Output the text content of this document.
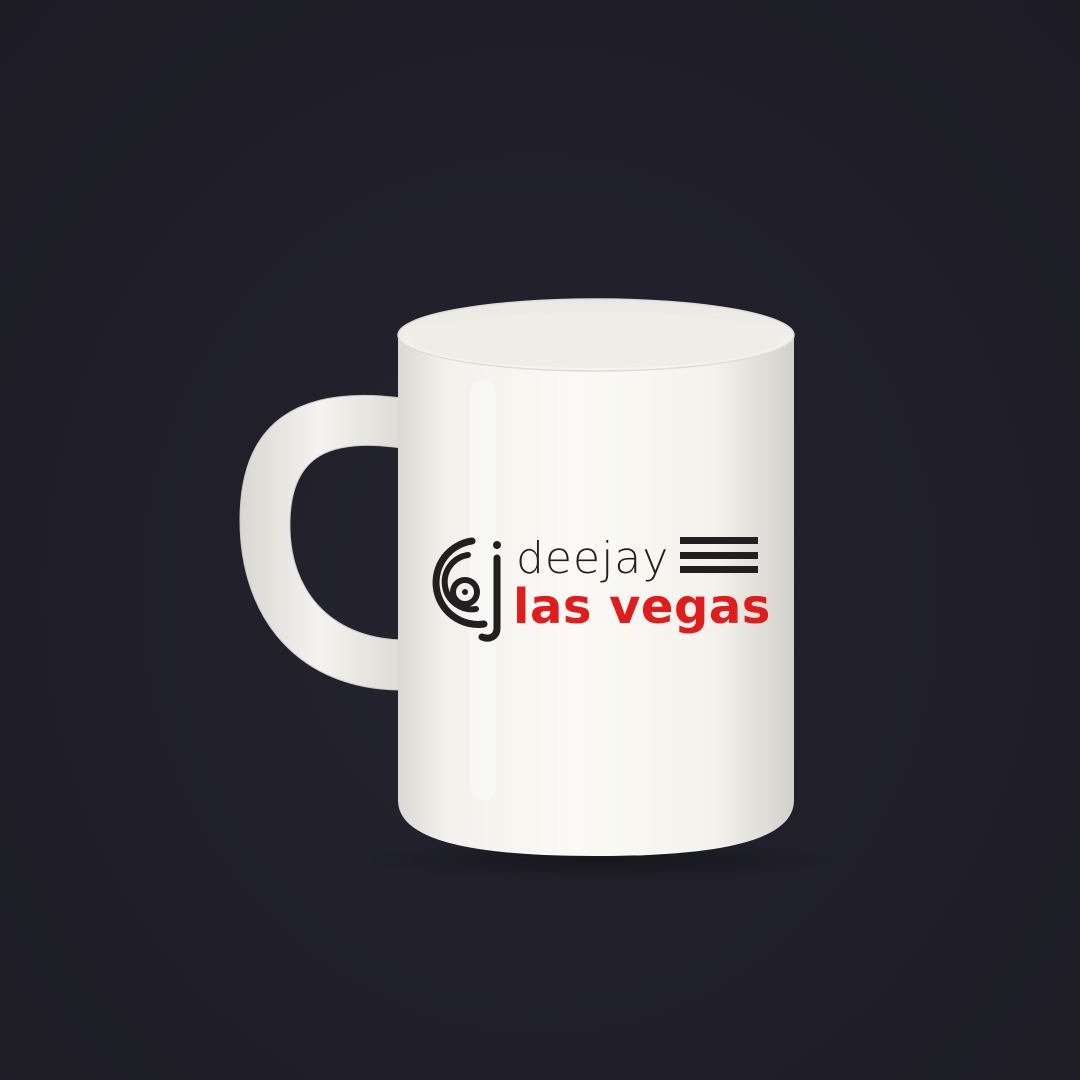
deejay

las vegas
